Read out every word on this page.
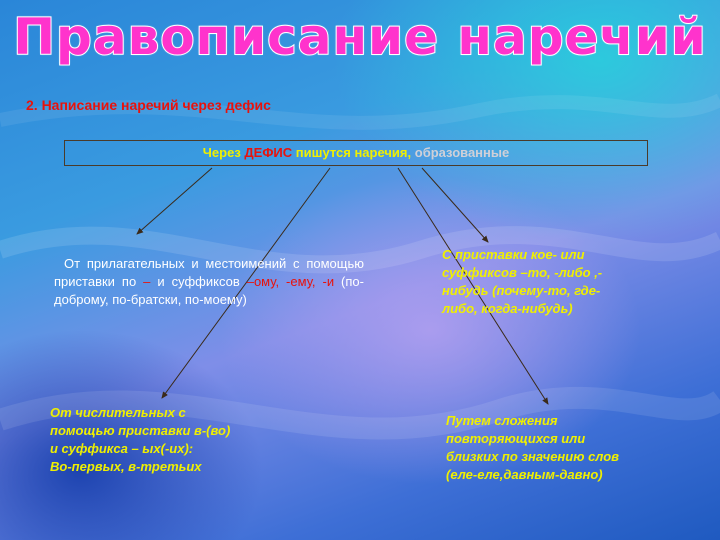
Правописание наречий
2. Написание наречий через дефис
Через ДЕФИС пишутся наречия, образованные
От прилагательных и местоимений с помощью приставки по – и суффиксов –ому, -ему, -и (по-доброму, по-братски, по-моему)
С приставки кое- или
суффиксов –то, -либо ,-
нибудь (почему-то, где-
либо, когда-нибудь)
От числительных с
помощью приставки в-(во)
и суффикса – ых(-их):
Во-первых, в-третьих
Путем сложения
повторяющихся или
близких по значению слов
(еле-еле,давным-давно)
